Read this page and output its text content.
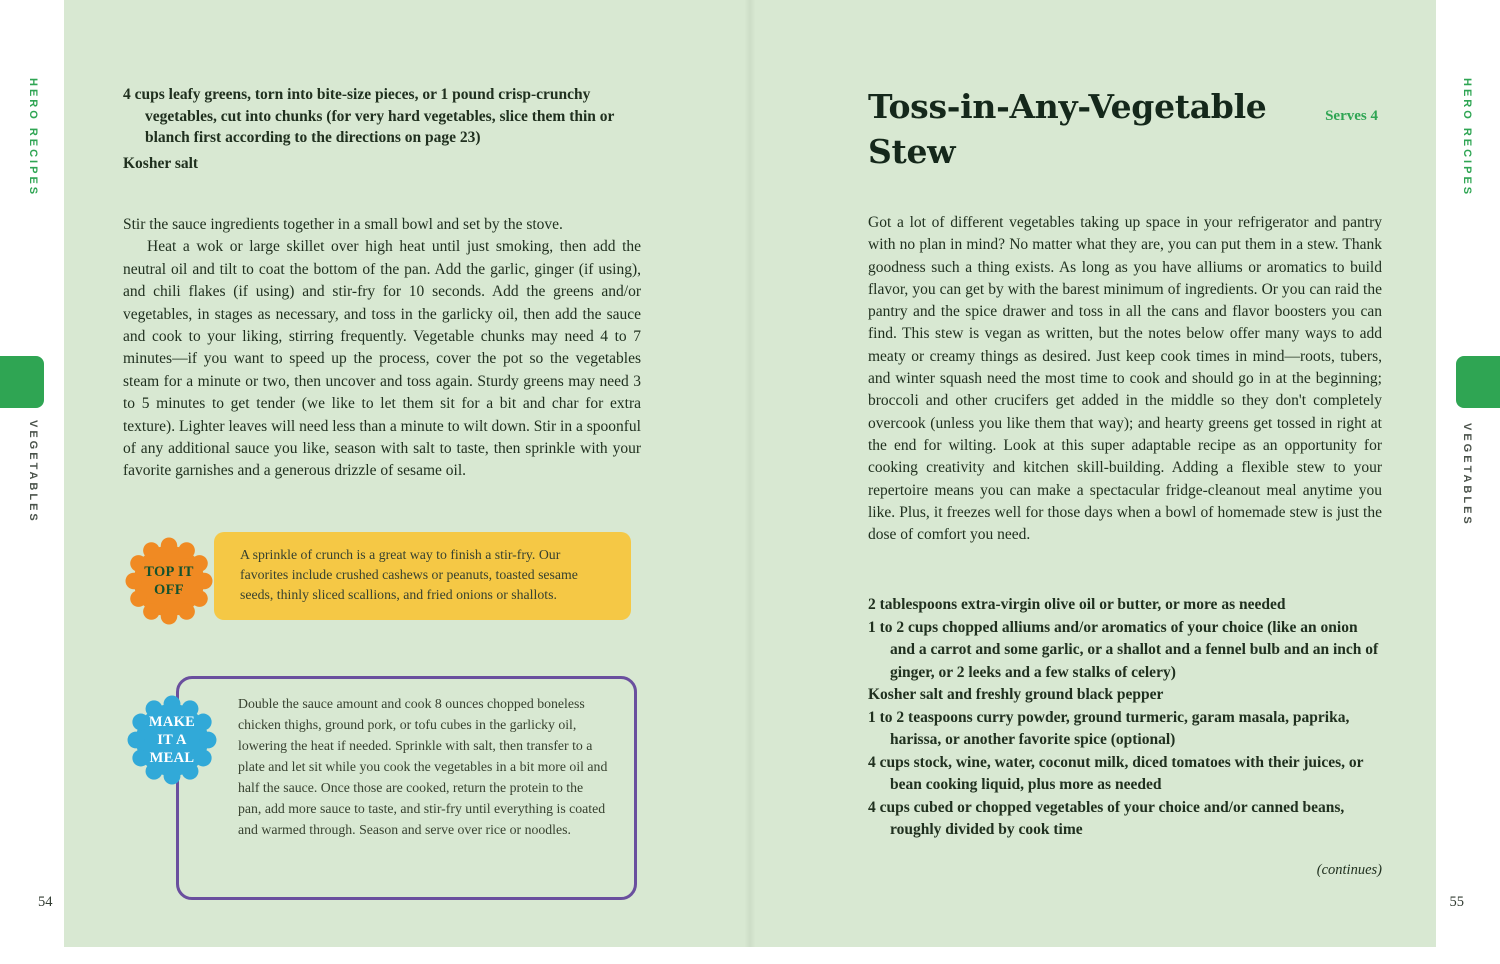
HERO RECIPES
VEGETABLES
HERO RECIPES
VEGETABLES
4 cups leafy greens, torn into bite-size pieces, or 1 pound crisp-crunchy vegetables, cut into chunks (for very hard vegetables, slice them thin or blanch first according to the directions on page 23)
Kosher salt

Stir the sauce ingredients together in a small bowl and set by the stove.

Heat a wok or large skillet over high heat until just smoking, then add the neutral oil and tilt to coat the bottom of the pan. Add the garlic, ginger (if using), and chili flakes (if using) and stir-fry for 10 seconds. Add the greens and/or vegetables, in stages as necessary, and toss in the garlicky oil, then add the sauce and cook to your liking, stirring frequently. Vegetable chunks may need 4 to 7 minutes—if you want to speed up the process, cover the pot so the vegetables steam for a minute or two, then uncover and toss again. Sturdy greens may need 3 to 5 minutes to get tender (we like to let them sit for a bit and char for extra texture). Lighter leaves will need less than a minute to wilt down. Stir in a spoonful of any additional sauce you like, season with salt to taste, then sprinkle with your favorite garnishes and a generous drizzle of sesame oil.

A sprinkle of crunch is a great way to finish a stir-fry. Our favorites include crushed cashews or peanuts, toasted sesame seeds, thinly sliced scallions, and fried onions or shallots.
TOP IT OFF
Double the sauce amount and cook 8 ounces chopped boneless chicken thighs, ground pork, or tofu cubes in the garlicky oil, lowering the heat if needed. Sprinkle with salt, then transfer to a plate and let sit while you cook the vegetables in a bit more oil and half the sauce. Once those are cooked, return the protein to the pan, add more sauce to taste, and stir-fry until everything is coated and warmed through. Season and serve over rice or noodles.
MAKE IT A MEAL
54
Toss-in-Any-Vegetable
Stew
Serves 4
Got a lot of different vegetables taking up space in your refrigerator and pantry with no plan in mind? No matter what they are, you can put them in a stew. Thank goodness such a thing exists. As long as you have alliums or aromatics to build flavor, you can get by with the barest minimum of ingredients. Or you can raid the pantry and the spice drawer and toss in all the cans and flavor boosters you can find. This stew is vegan as written, but the notes below offer many ways to add meaty or creamy things as desired. Just keep cook times in mind—roots, tubers, and winter squash need the most time to cook and should go in at the beginning; broccoli and other crucifers get added in the middle so they don't completely overcook (unless you like them that way); and hearty greens get tossed in right at the end for wilting. Look at this super adaptable recipe as an opportunity for cooking creativity and kitchen skill-building. Adding a flexible stew to your repertoire means you can make a spectacular fridge-cleanout meal anytime you like. Plus, it freezes well for those days when a bowl of homemade stew is just the dose of comfort you need.
2 tablespoons extra-virgin olive oil or butter, or more as needed
1 to 2 cups chopped alliums and/or aromatics of your choice (like an onion and a carrot and some garlic, or a shallot and a fennel bulb and an inch of ginger, or 2 leeks and a few stalks of celery)
Kosher salt and freshly ground black pepper
1 to 2 teaspoons curry powder, ground turmeric, garam masala, paprika, harissa, or another favorite spice (optional)
4 cups stock, wine, water, coconut milk, diced tomatoes with their juices, or bean cooking liquid, plus more as needed
4 cups cubed or chopped vegetables of your choice and/or canned beans, roughly divided by cook time
(continues)
55
